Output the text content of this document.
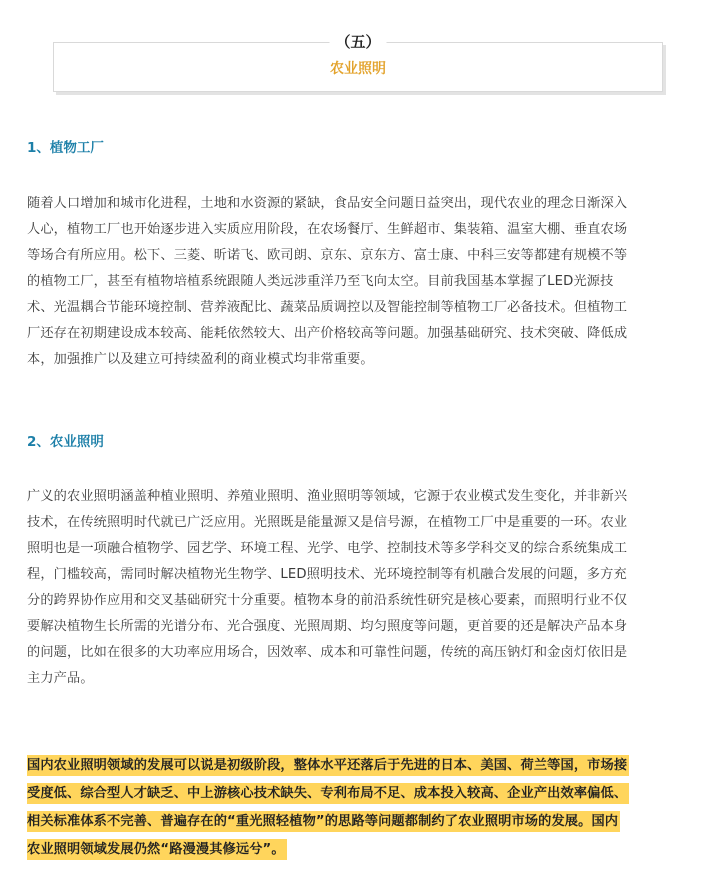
（五）
农业照明
1、植物工厂
随着人口增加和城市化进程，土地和水资源的紧缺，食品安全问题日益突出，现代农业的理念日渐深入
人心，植物工厂也开始逐步进入实质应用阶段，在农场餐厅、生鲜超市、集装箱、温室大棚、垂直农场
等场合有所应用。松下、三菱、昕诺飞、欧司朗、京东、京东方、富士康、中科三安等都建有规模不等
的植物工厂，甚至有植物培植系统跟随人类远涉重洋乃至飞向太空。目前我国基本掌握了LED光源技
术、光温耦合节能环境控制、营养液配比、蔬菜品质调控以及智能控制等植物工厂必备技术。但植物工
厂还存在初期建设成本较高、能耗依然较大、出产价格较高等问题。加强基础研究、技术突破、降低成
本，加强推广以及建立可持续盈利的商业模式均非常重要。
2、农业照明
广义的农业照明涵盖种植业照明、养殖业照明、渔业照明等领域，它源于农业模式发生变化，并非新兴
技术，在传统照明时代就已广泛应用。光照既是能量源又是信号源，在植物工厂中是重要的一环。农业
照明也是一项融合植物学、园艺学、环境工程、光学、电学、控制技术等多学科交叉的综合系统集成工
程，门槛较高，需同时解决植物光生物学、LED照明技术、光环境控制等有机融合发展的问题，多方充
分的跨界协作应用和交叉基础研究十分重要。植物本身的前沿系统性研究是核心要素，而照明行业不仅
要解决植物生长所需的光谱分布、光合强度、光照周期、均匀照度等问题，更首要的还是解决产品本身
的问题，比如在很多的大功率应用场合，因效率、成本和可靠性问题，传统的高压钠灯和金卤灯依旧是
主力产品。
国内农业照明领域的发展可以说是初级阶段，整体水平还落后于先进的日本、美国、荷兰等国，市场接
受度低、综合型人才缺乏、中上游核心技术缺失、专利布局不足、成本投入较高、企业产出效率偏低、
相关标准体系不完善、普遍存在的“重光照轻植物”的思路等问题都制约了农业照明市场的发展。国内
农业照明领域发展仍然“路漫漫其修远兮”。
